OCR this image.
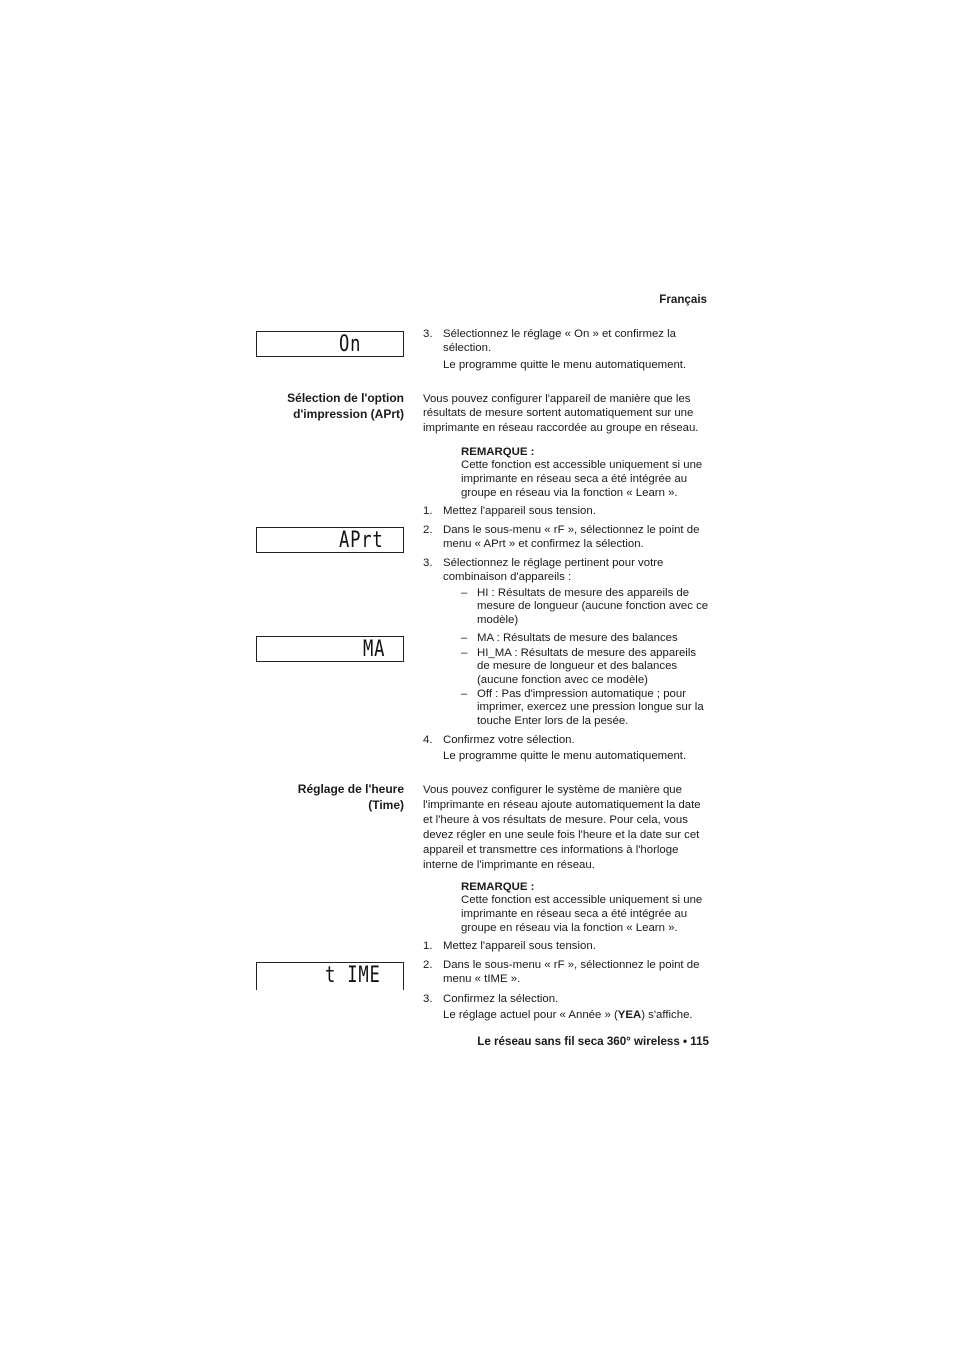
Français
On	3. Sélectionnez le réglage « On » et confirmez la sélection.
Le programme quitte le menu automatiquement.
Sélection de l'option
d'impression (APrt)
Vous pouvez configurer l'appareil de manière que les résultats de mesure sortent automatiquement sur une imprimante en réseau raccordée au groupe en réseau.
REMARQUE :
Cette fonction est accessible uniquement si une imprimante en réseau seca a été intégrée au groupe en réseau via la fonction « Learn ».
1. Mettez l'appareil sous tension.
APrt	2. Dans le sous-menu « rF », sélectionnez le point de menu « APrt » et confirmez la sélection.
3. Sélectionnez le réglage pertinent pour votre combinaison d'appareils :
– HI : Résultats de mesure des appareils de mesure de longueur (aucune fonction avec ce modèle)
MA	– MA : Résultats de mesure des balances
– HI_MA : Résultats de mesure des appareils de mesure de longueur et des balances (aucune fonction avec ce modèle)
– Off : Pas d'impression automatique ; pour imprimer, exercez une pression longue sur la touche Enter lors de la pesée.
4. Confirmez votre sélection.
Le programme quitte le menu automatiquement.
Réglage de l'heure
(Time)
Vous pouvez configurer le système de manière que l'imprimante en réseau ajoute automatiquement la date et l'heure à vos résultats de mesure. Pour cela, vous devez régler en une seule fois l'heure et la date sur cet appareil et transmettre ces informations à l'horloge interne de l'imprimante en réseau.
REMARQUE :
Cette fonction est accessible uniquement si une imprimante en réseau seca a été intégrée au groupe en réseau via la fonction « Learn ».
1. Mettez l'appareil sous tension.
t IME	2. Dans le sous-menu « rF », sélectionnez le point de menu « tIME ».
3. Confirmez la sélection.
Le réglage actuel pour « Année » (YEA) s'affiche.
Le réseau sans fil seca 360° wireless • 115
